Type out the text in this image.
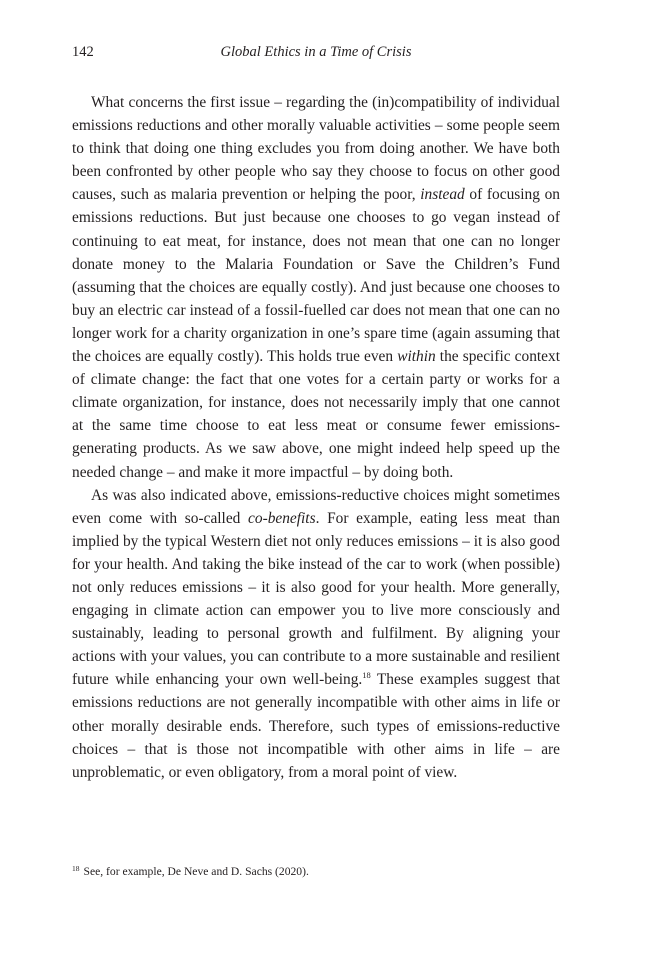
142	Global Ethics in a Time of Crisis

What concerns the first issue – regarding the (in)compatibility of individual emissions reductions and other morally valuable activities – some people seem to think that doing one thing excludes you from doing another. We have both been confronted by other people who say they choose to focus on other good causes, such as malaria prevention or helping the poor, instead of focusing on emissions reductions. But just because one chooses to go vegan instead of continuing to eat meat, for instance, does not mean that one can no longer donate money to the Malaria Foundation or Save the Children’s Fund (assuming that the choices are equally costly). And just because one chooses to buy an electric car instead of a fossil-fuelled car does not mean that one can no longer work for a charity organization in one’s spare time (again assuming that the choices are equally costly). This holds true even within the specific context of climate change: the fact that one votes for a certain party or works for a climate organization, for instance, does not necessarily imply that one cannot at the same time choose to eat less meat or consume fewer emissions-generating products. As we saw above, one might indeed help speed up the needed change – and make it more impactful – by doing both.

As was also indicated above, emissions-reductive choices might sometimes even come with so-called co-benefits. For example, eating less meat than implied by the typical Western diet not only reduces emissions – it is also good for your health. And taking the bike instead of the car to work (when possible) not only reduces emissions – it is also good for your health. More generally, engaging in climate action can empower you to live more consciously and sustainably, leading to personal growth and fulfilment. By aligning your actions with your values, you can contribute to a more sustainable and resilient future while enhancing your own well-being.$^{18}$ These examples suggest that emissions reductions are not generally incompatible with other aims in life or other morally desirable ends. Therefore, such types of emissions-reductive choices – that is those not incompatible with other aims in life – are unproblematic, or even obligatory, from a moral point of view.

$^{18}$ See, for example, De Neve and D. Sachs (2020).
